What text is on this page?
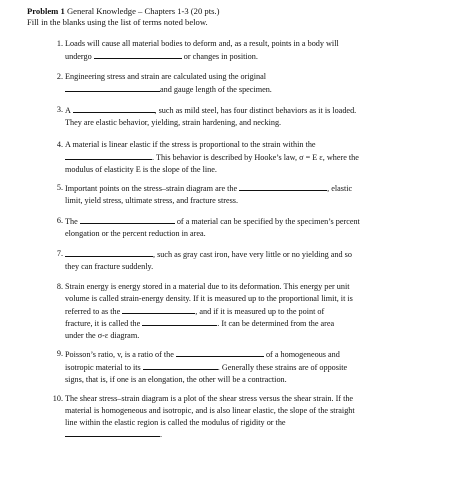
Problem 1 General Knowledge – Chapters 1-3 (20 pts.)
Fill in the blanks using the list of terms noted below.
1. Loads will cause all material bodies to deform and, as a result, points in a body will
undergo	or changes in position.
2. Engineering stress and strain are calculated using the original
and gauge length of the specimen.
3. A	, such as mild steel, has four distinct behaviors as it is loaded.
They are elastic behavior, yielding, strain hardening, and necking.
4. A material is linear elastic if the stress is proportional to the strain within the
. This behavior is described by Hooke’s law, σ = E ε, where the
modulus of elasticity E is the slope of the line.
5. Important points on the stress–strain diagram are the	, elastic
limit, yield stress, ultimate stress, and fracture stress.
6. The	of a material can be specified by the specimen’s percent
elongation or the percent reduction in area.
7.	, such as gray cast iron, have very little or no yielding and so
they can fracture suddenly.
8. Strain energy is energy stored in a material due to its deformation. This energy per unit
volume is called strain-energy density. If it is measured up to the proportional limit, it is
referred to as the	, and if it is measured up to the point of
fracture, it is called the	. It can be determined from the area
under the σ-ε diagram.
9. Poisson’s ratio, v, is a ratio of the	of a homogeneous and
isotropic material to its	. Generally these strains are of opposite
signs, that is, if one is an elongation, the other will be a contraction.
10. The shear stress–strain diagram is a plot of the shear stress versus the shear strain. If the
material is homogeneous and isotropic, and is also linear elastic, the slope of the straight
line within the elastic region is called the modulus of rigidity or the
.
